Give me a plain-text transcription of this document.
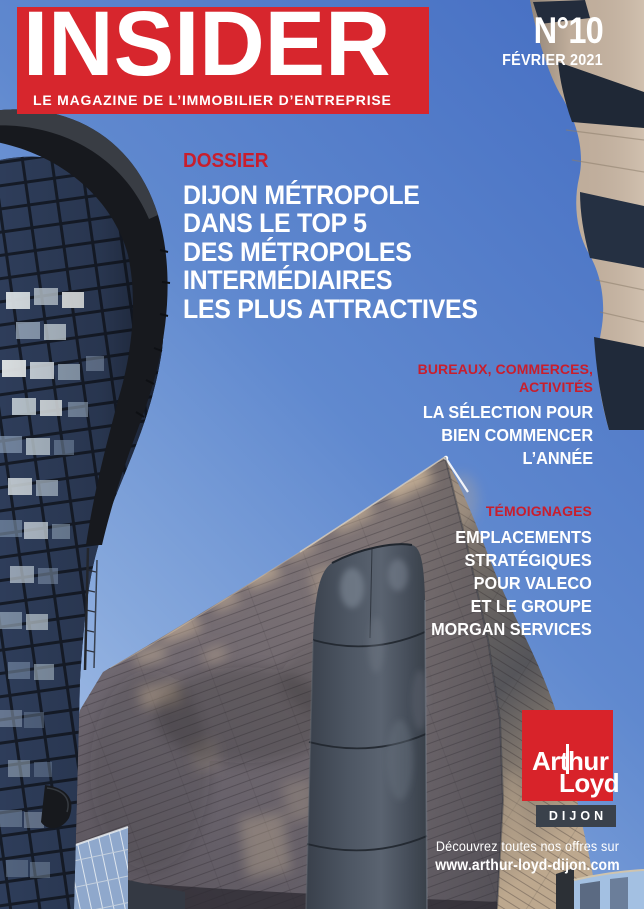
INSIDER
LE MAGAZINE DE L’IMMOBILIER D’ENTREPRISE
N°10
FÉVRIER 2021
DOSSIER
DIJON MÉTROPOLE
DANS LE TOP 5
DES MÉTROPOLES
INTERMÉDIAIRES
LES PLUS ATTRACTIVES
BUREAUX, COMMERCES,
ACTIVITÉS
LA SÉLECTION POUR
BIEN COMMENCER
L’ANNÉE
TÉMOIGNAGES
EMPLACEMENTS
STRATÉGIQUES
POUR VALECO
ET LE GROUPE
MORGAN SERVICES
Arthur
Loyd
DIJON
Découvrez toutes nos offres sur
www.arthur-loyd-dijon.com
